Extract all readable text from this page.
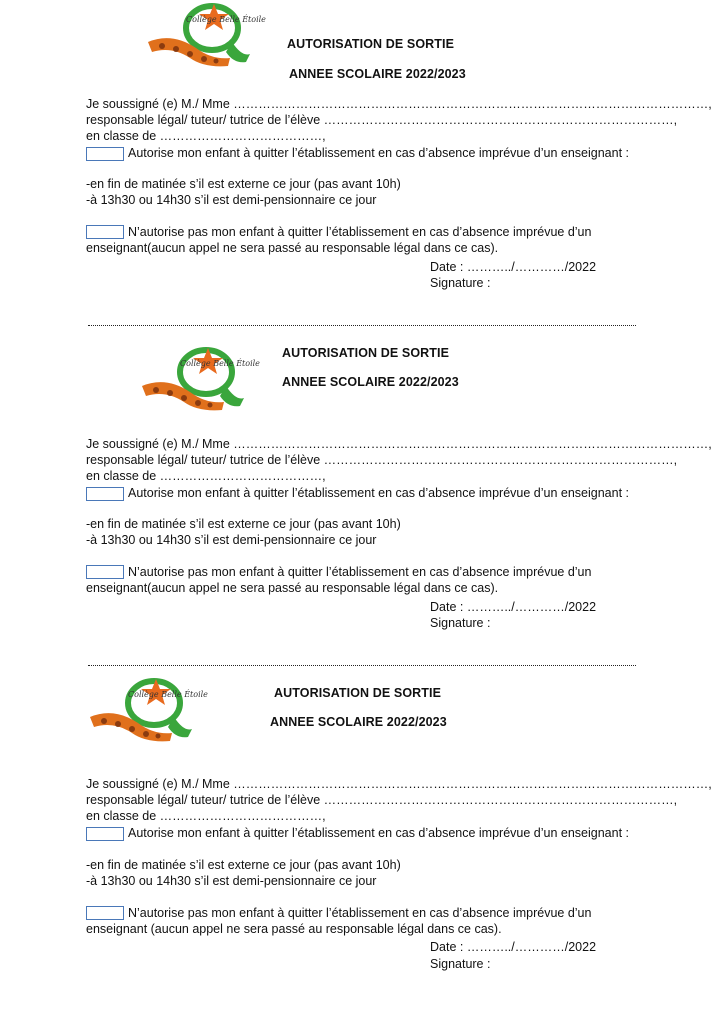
Collège Belle Étoile
AUTORISATION DE SORTIE
ANNEE SCOLAIRE 2022/2023
Je soussigné (e) M./ Mme ……………………………………………………………………………………………………,
responsable légal/ tuteur/ tutrice de l’élève …………………………………………………………………………,
en classe de …………………………………,
Autorise mon enfant à quitter l’établissement en cas d’absence imprévue d’un enseignant :
-en fin de matinée s’il est externe ce jour (pas avant 10h)
-à 13h30 ou 14h30 s’il est demi-pensionnaire ce jour
N’autorise pas mon enfant à quitter l’établissement en cas d’absence imprévue d’un
enseignant(aucun appel ne sera passé au responsable légal dans ce cas).
Date : ………../…………/2022
Signature :
Collège Belle Étoile
AUTORISATION DE SORTIE
ANNEE SCOLAIRE 2022/2023
Je soussigné (e) M./ Mme ……………………………………………………………………………………………………,
responsable légal/ tuteur/ tutrice de l’élève …………………………………………………………………………,
en classe de …………………………………,
Autorise mon enfant à quitter l’établissement en cas d’absence imprévue d’un enseignant :
-en fin de matinée s’il est externe ce jour (pas avant 10h)
-à 13h30 ou 14h30 s’il est demi-pensionnaire ce jour
N’autorise pas mon enfant à quitter l’établissement en cas d’absence imprévue d’un
enseignant(aucun appel ne sera passé au responsable légal dans ce cas).
Date : ………../…………/2022
Signature :
Collège Belle Étoile	AUTORISATION DE SORTIE
ANNEE SCOLAIRE 2022/2023
Je soussigné (e) M./ Mme ……………………………………………………………………………………………………,
responsable légal/ tuteur/ tutrice de l’élève …………………………………………………………………………,
en classe de …………………………………,
Autorise mon enfant à quitter l’établissement en cas d’absence imprévue d’un enseignant :
-en fin de matinée s’il est externe ce jour (pas avant 10h)
-à 13h30 ou 14h30 s’il est demi-pensionnaire ce jour
N’autorise pas mon enfant à quitter l’établissement en cas d’absence imprévue d’un
enseignant (aucun appel ne sera passé au responsable légal dans ce cas).
Date : ………../…………/2022
Signature :
